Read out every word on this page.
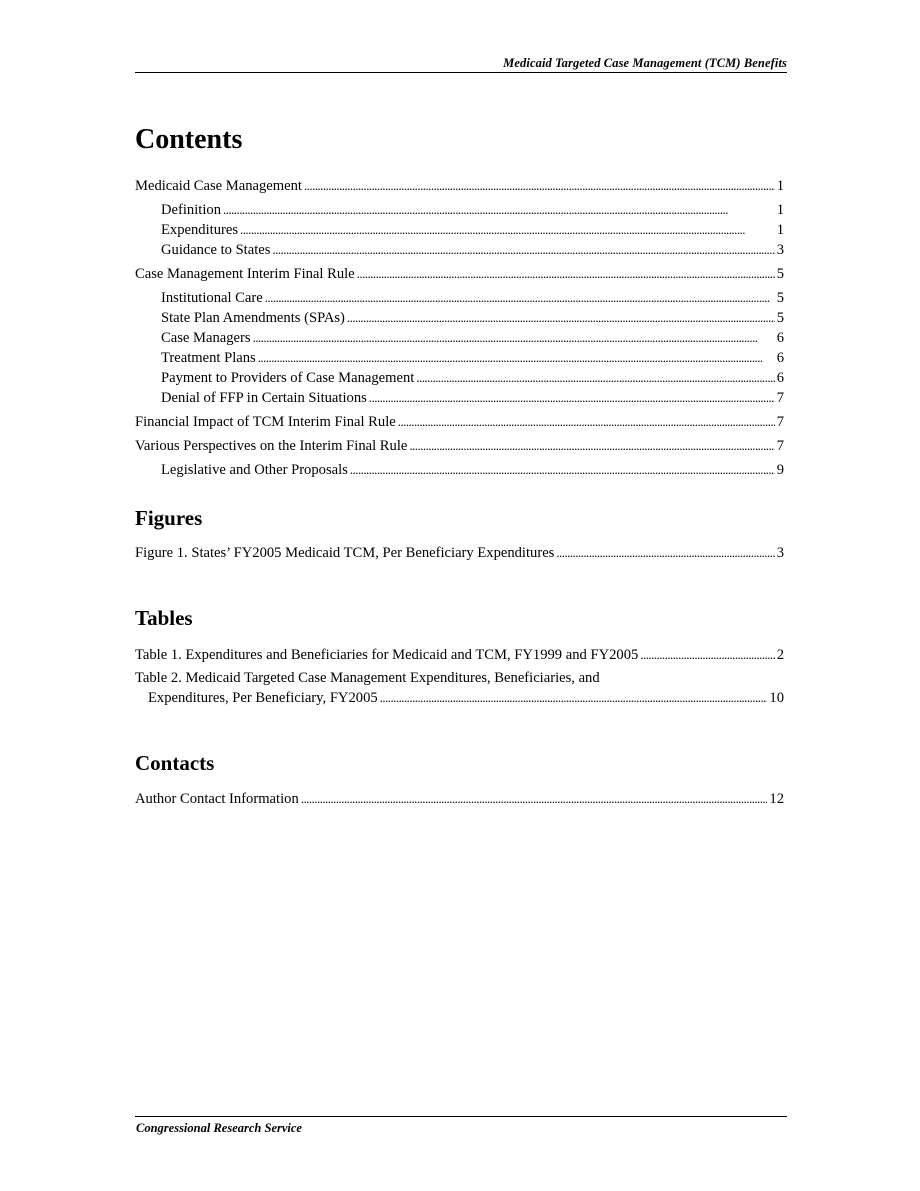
Medicaid Targeted Case Management (TCM) Benefits
Contents
Medicaid Case Management . . .	1
Definition . . .	1
Expenditures . . .	1
Guidance to States . . .	3
Case Management Interim Final Rule . . .	5
Institutional Care . . .	5
State Plan Amendments (SPAs) . . .	5
Case Managers . . .	6
Treatment Plans . . .	6
Payment to Providers of Case Management . . .	6
Denial of FFP in Certain Situations . . .	7
Financial Impact of TCM Interim Final Rule . . .	7
Various Perspectives on the Interim Final Rule . . .	7
Legislative and Other Proposals . . .	9
Figures
Figure 1. States’ FY2005 Medicaid TCM, Per Beneficiary Expenditures . . .	3
Tables
Table 1. Expenditures and Beneficiaries for Medicaid and TCM, FY1999 and FY2005 . . .	2
Table 2. Medicaid Targeted Case Management Expenditures, Beneficiaries, and
Expenditures, Per Beneficiary, FY2005 . . .	10
Contacts
Author Contact Information . . .	12
Congressional Research Service
